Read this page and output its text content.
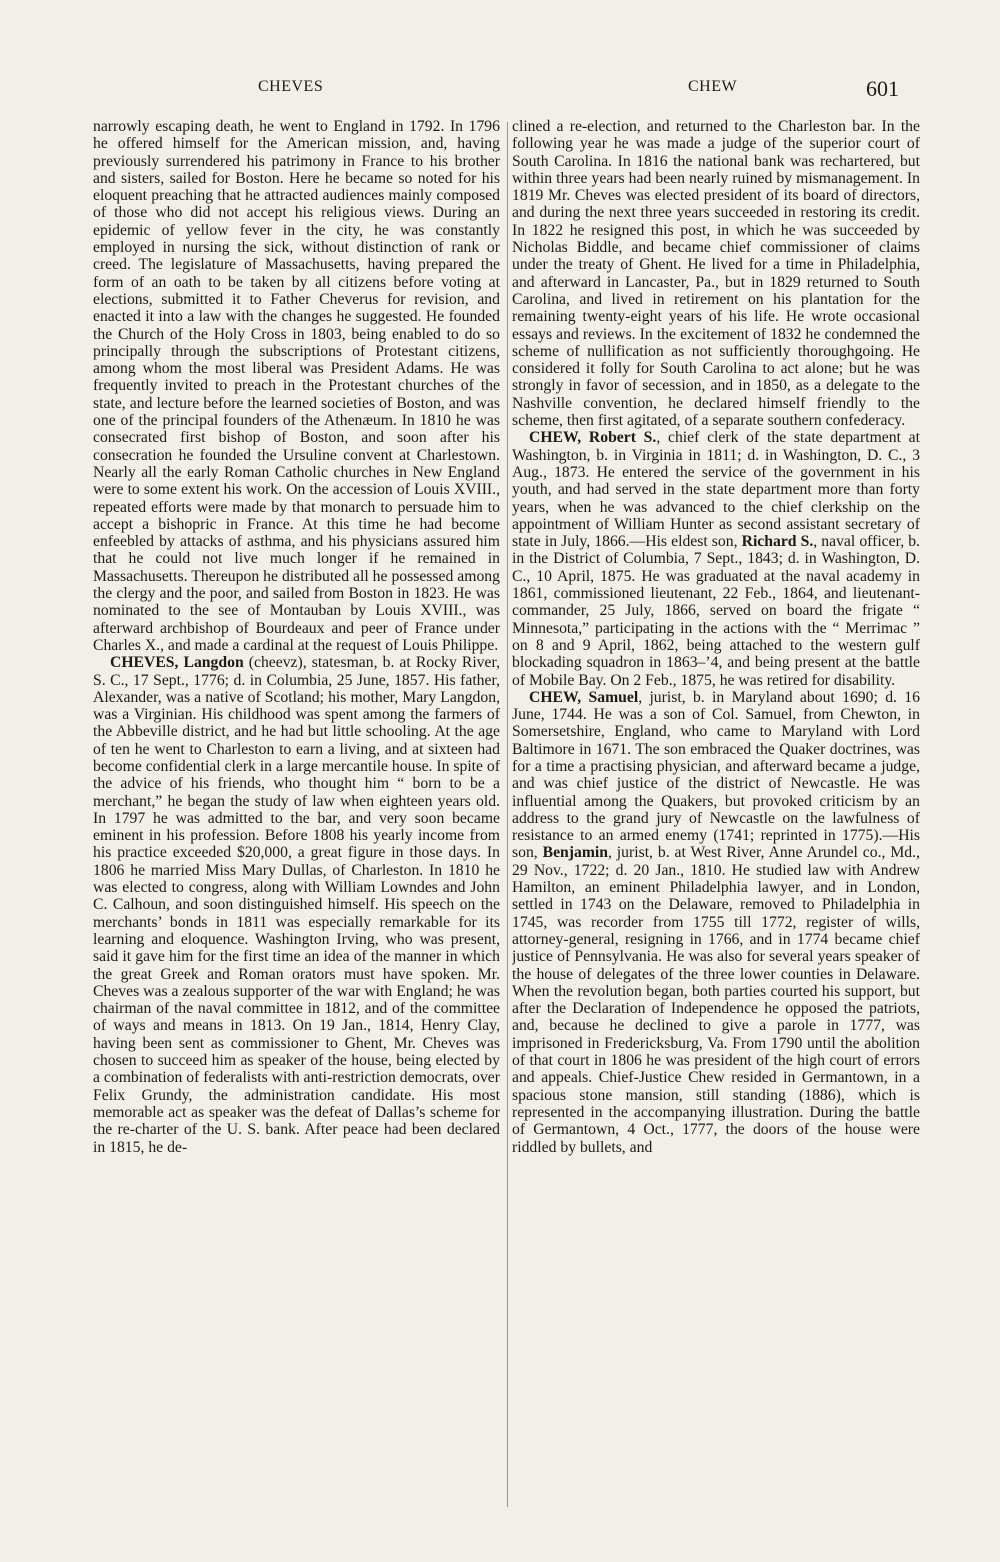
CHEVES	CHEW	601

narrowly escaping death, he went to England in 1792. In 1796 he offered himself for the American mission, and, having previously surrendered his patrimony in France to his brother and sisters, sailed for Boston. Here he became so noted for his eloquent preaching that he attracted audiences mainly composed of those who did not accept his religious views. During an epidemic of yellow fever in the city, he was constantly employed in nursing the sick, without distinction of rank or creed. The legislature of Massachusetts, having prepared the form of an oath to be taken by all citizens before voting at elections, submitted it to Father Cheverus for revision, and enacted it into a law with the changes he suggested. He founded the Church of the Holy Cross in 1803, being enabled to do so principally through the subscriptions of Protestant citizens, among whom the most liberal was President Adams. He was frequently invited to preach in the Protestant churches of the state, and lecture before the learned societies of Boston, and was one of the principal founders of the Athenæum. In 1810 he was consecrated first bishop of Boston, and soon after his consecration he founded the Ursuline convent at Charlestown. Nearly all the early Roman Catholic churches in New England were to some extent his work. On the accession of Louis XVIII., repeated efforts were made by that monarch to persuade him to accept a bishopric in France. At this time he had become enfeebled by attacks of asthma, and his physicians assured him that he could not live much longer if he remained in Massachusetts. Thereupon he distributed all he possessed among the clergy and the poor, and sailed from Boston in 1823. He was nominated to the see of Montauban by Louis XVIII., was afterward archbishop of Bourdeaux and peer of France under Charles X., and made a cardinal at the request of Louis Philippe.

CHEVES, Langdon (cheevz), statesman, b. at Rocky River, S. C., 17 Sept., 1776; d. in Columbia, 25 June, 1857. His father, Alexander, was a native of Scotland; his mother, Mary Langdon, was a Virginian. His childhood was spent among the farmers of the Abbeville district, and he had but little schooling. At the age of ten he went to Charleston to earn a living, and at sixteen had become confidential clerk in a large mercantile house. In spite of the advice of his friends, who thought him “ born to be a merchant,” he began the study of law when eighteen years old. In 1797 he was admitted to the bar, and very soon became eminent in his profession. Before 1808 his yearly income from his practice exceeded $20,000, a great figure in those days. In 1806 he married Miss Mary Dullas, of Charleston. In 1810 he was elected to congress, along with William Lowndes and John C. Calhoun, and soon distinguished himself. His speech on the merchants’ bonds in 1811 was especially remarkable for its learning and eloquence. Washington Irving, who was present, said it gave him for the first time an idea of the manner in which the great Greek and Roman orators must have spoken. Mr. Cheves was a zealous supporter of the war with England; he was chairman of the naval committee in 1812, and of the committee of ways and means in 1813. On 19 Jan., 1814, Henry Clay, having been sent as commissioner to Ghent, Mr. Cheves was chosen to succeed him as speaker of the house, being elected by a combination of federalists with anti-restriction democrats, over Felix Grundy, the administration candidate. His most memorable act as speaker was the defeat of Dallas’s scheme for the re-charter of the U. S. bank. After peace had been declared in 1815, he de-

clined a re-election, and returned to the Charleston bar. In the following year he was made a judge of the superior court of South Carolina. In 1816 the national bank was rechartered, but within three years had been nearly ruined by mismanagement. In 1819 Mr. Cheves was elected president of its board of directors, and during the next three years succeeded in restoring its credit. In 1822 he resigned this post, in which he was succeeded by Nicholas Biddle, and became chief commissioner of claims under the treaty of Ghent. He lived for a time in Philadelphia, and afterward in Lancaster, Pa., but in 1829 returned to South Carolina, and lived in retirement on his plantation for the remaining twenty-eight years of his life. He wrote occasional essays and reviews. In the excitement of 1832 he condemned the scheme of nullification as not sufficiently thoroughgoing. He considered it folly for South Carolina to act alone; but he was strongly in favor of secession, and in 1850, as a delegate to the Nashville convention, he declared himself friendly to the scheme, then first agitated, of a separate southern confederacy.

CHEW, Robert S., chief clerk of the state department at Washington, b. in Virginia in 1811; d. in Washington, D. C., 3 Aug., 1873. He entered the service of the government in his youth, and had served in the state department more than forty years, when he was advanced to the chief clerkship on the appointment of William Hunter as second assistant secretary of state in July, 1866.—His eldest son, Richard S., naval officer, b. in the District of Columbia, 7 Sept., 1843; d. in Washington, D. C., 10 April, 1875. He was graduated at the naval academy in 1861, commissioned lieutenant, 22 Feb., 1864, and lieutenant-commander, 25 July, 1866, served on board the frigate “ Minnesota,” participating in the actions with the “ Merrimac ” on 8 and 9 April, 1862, being attached to the western gulf blockading squadron in 1863–’4, and being present at the battle of Mobile Bay. On 2 Feb., 1875, he was retired for disability.

CHEW, Samuel, jurist, b. in Maryland about 1690; d. 16 June, 1744. He was a son of Col. Samuel, from Chewton, in Somersetshire, England, who came to Maryland with Lord Baltimore in 1671. The son embraced the Quaker doctrines, was for a time a practising physician, and afterward became a judge, and was chief justice of the district of Newcastle. He was influential among the Quakers, but provoked criticism by an address to the grand jury of Newcastle on the lawfulness of resistance to an armed enemy (1741; reprinted in 1775).—His son, Benjamin, jurist, b. at West River, Anne Arundel co., Md., 29 Nov., 1722; d. 20 Jan., 1810. He studied law with Andrew Hamilton, an eminent Philadelphia lawyer, and in London, settled in 1743 on the Delaware, removed to Philadelphia in 1745, was recorder from 1755 till 1772, register of wills, attorney-general, resigning in 1766, and in 1774 became chief justice of Pennsylvania. He was also for several years speaker of the house of delegates of the three lower counties in Delaware. When the revolution began, both parties courted his support, but after the Declaration of Independence he opposed the patriots, and, because he declined to give a parole in 1777, was imprisoned in Fredericksburg, Va. From 1790 until the abolition of that court in 1806 he was president of the high court of errors and appeals. Chief-Justice Chew resided in Germantown, in a spacious stone mansion, still standing (1886), which is represented in the accompanying illustration. During the battle of Germantown, 4 Oct., 1777, the doors of the house were riddled by bullets, and
